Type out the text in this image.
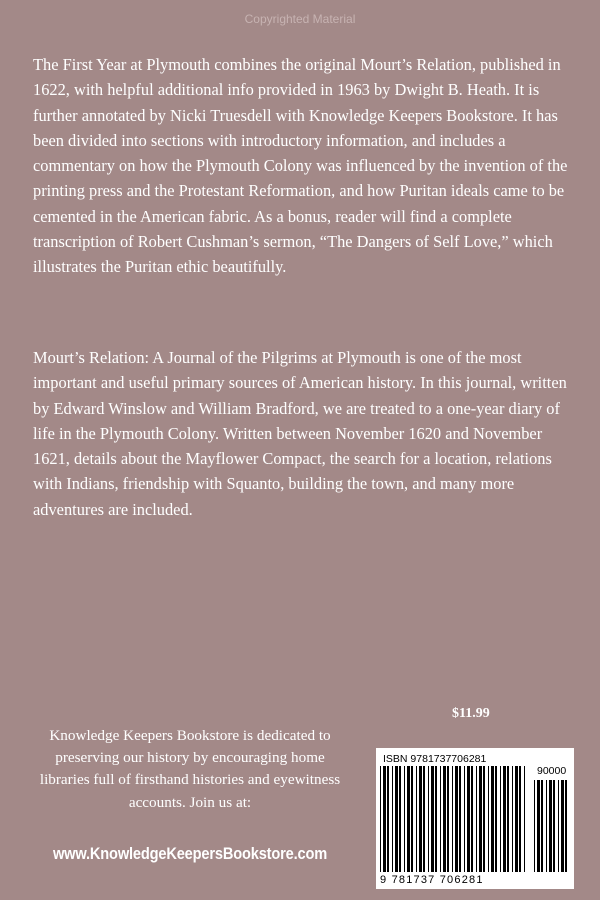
Copyrighted Material
The First Year at Plymouth combines the original Mourt’s Relation, published in 1622, with helpful additional info provided in 1963 by Dwight B. Heath. It is further annotated by Nicki Truesdell with Knowledge Keepers Bookstore. It has been divided into sections with introductory information, and includes a commentary on how the Plymouth Colony was influenced by the invention of the printing press and the Protestant Reformation, and how Puritan ideals came to be cemented in the American fabric. As a bonus, reader will find a complete transcription of Robert Cushman’s sermon, “The Dangers of Self Love,” which illustrates the Puritan ethic beautifully.
Mourt’s Relation: A Journal of the Pilgrims at Plymouth is one of the most important and useful primary sources of American history. In this journal, written by Edward Winslow and William Bradford, we are treated to a one-year diary of life in the Plymouth Colony. Written between November 1620 and November 1621, details about the Mayflower Compact, the search for a location, relations with Indians, friendship with Squanto, building the town, and many more adventures are included.
$11.99
Knowledge Keepers Bookstore is dedicated to preserving our history by encouraging home libraries full of firsthand histories and eyewitness accounts. Join us at:
www.KnowledgeKeepersBookstore.com
ISBN 9781737706281
90000
9 781737 706281
